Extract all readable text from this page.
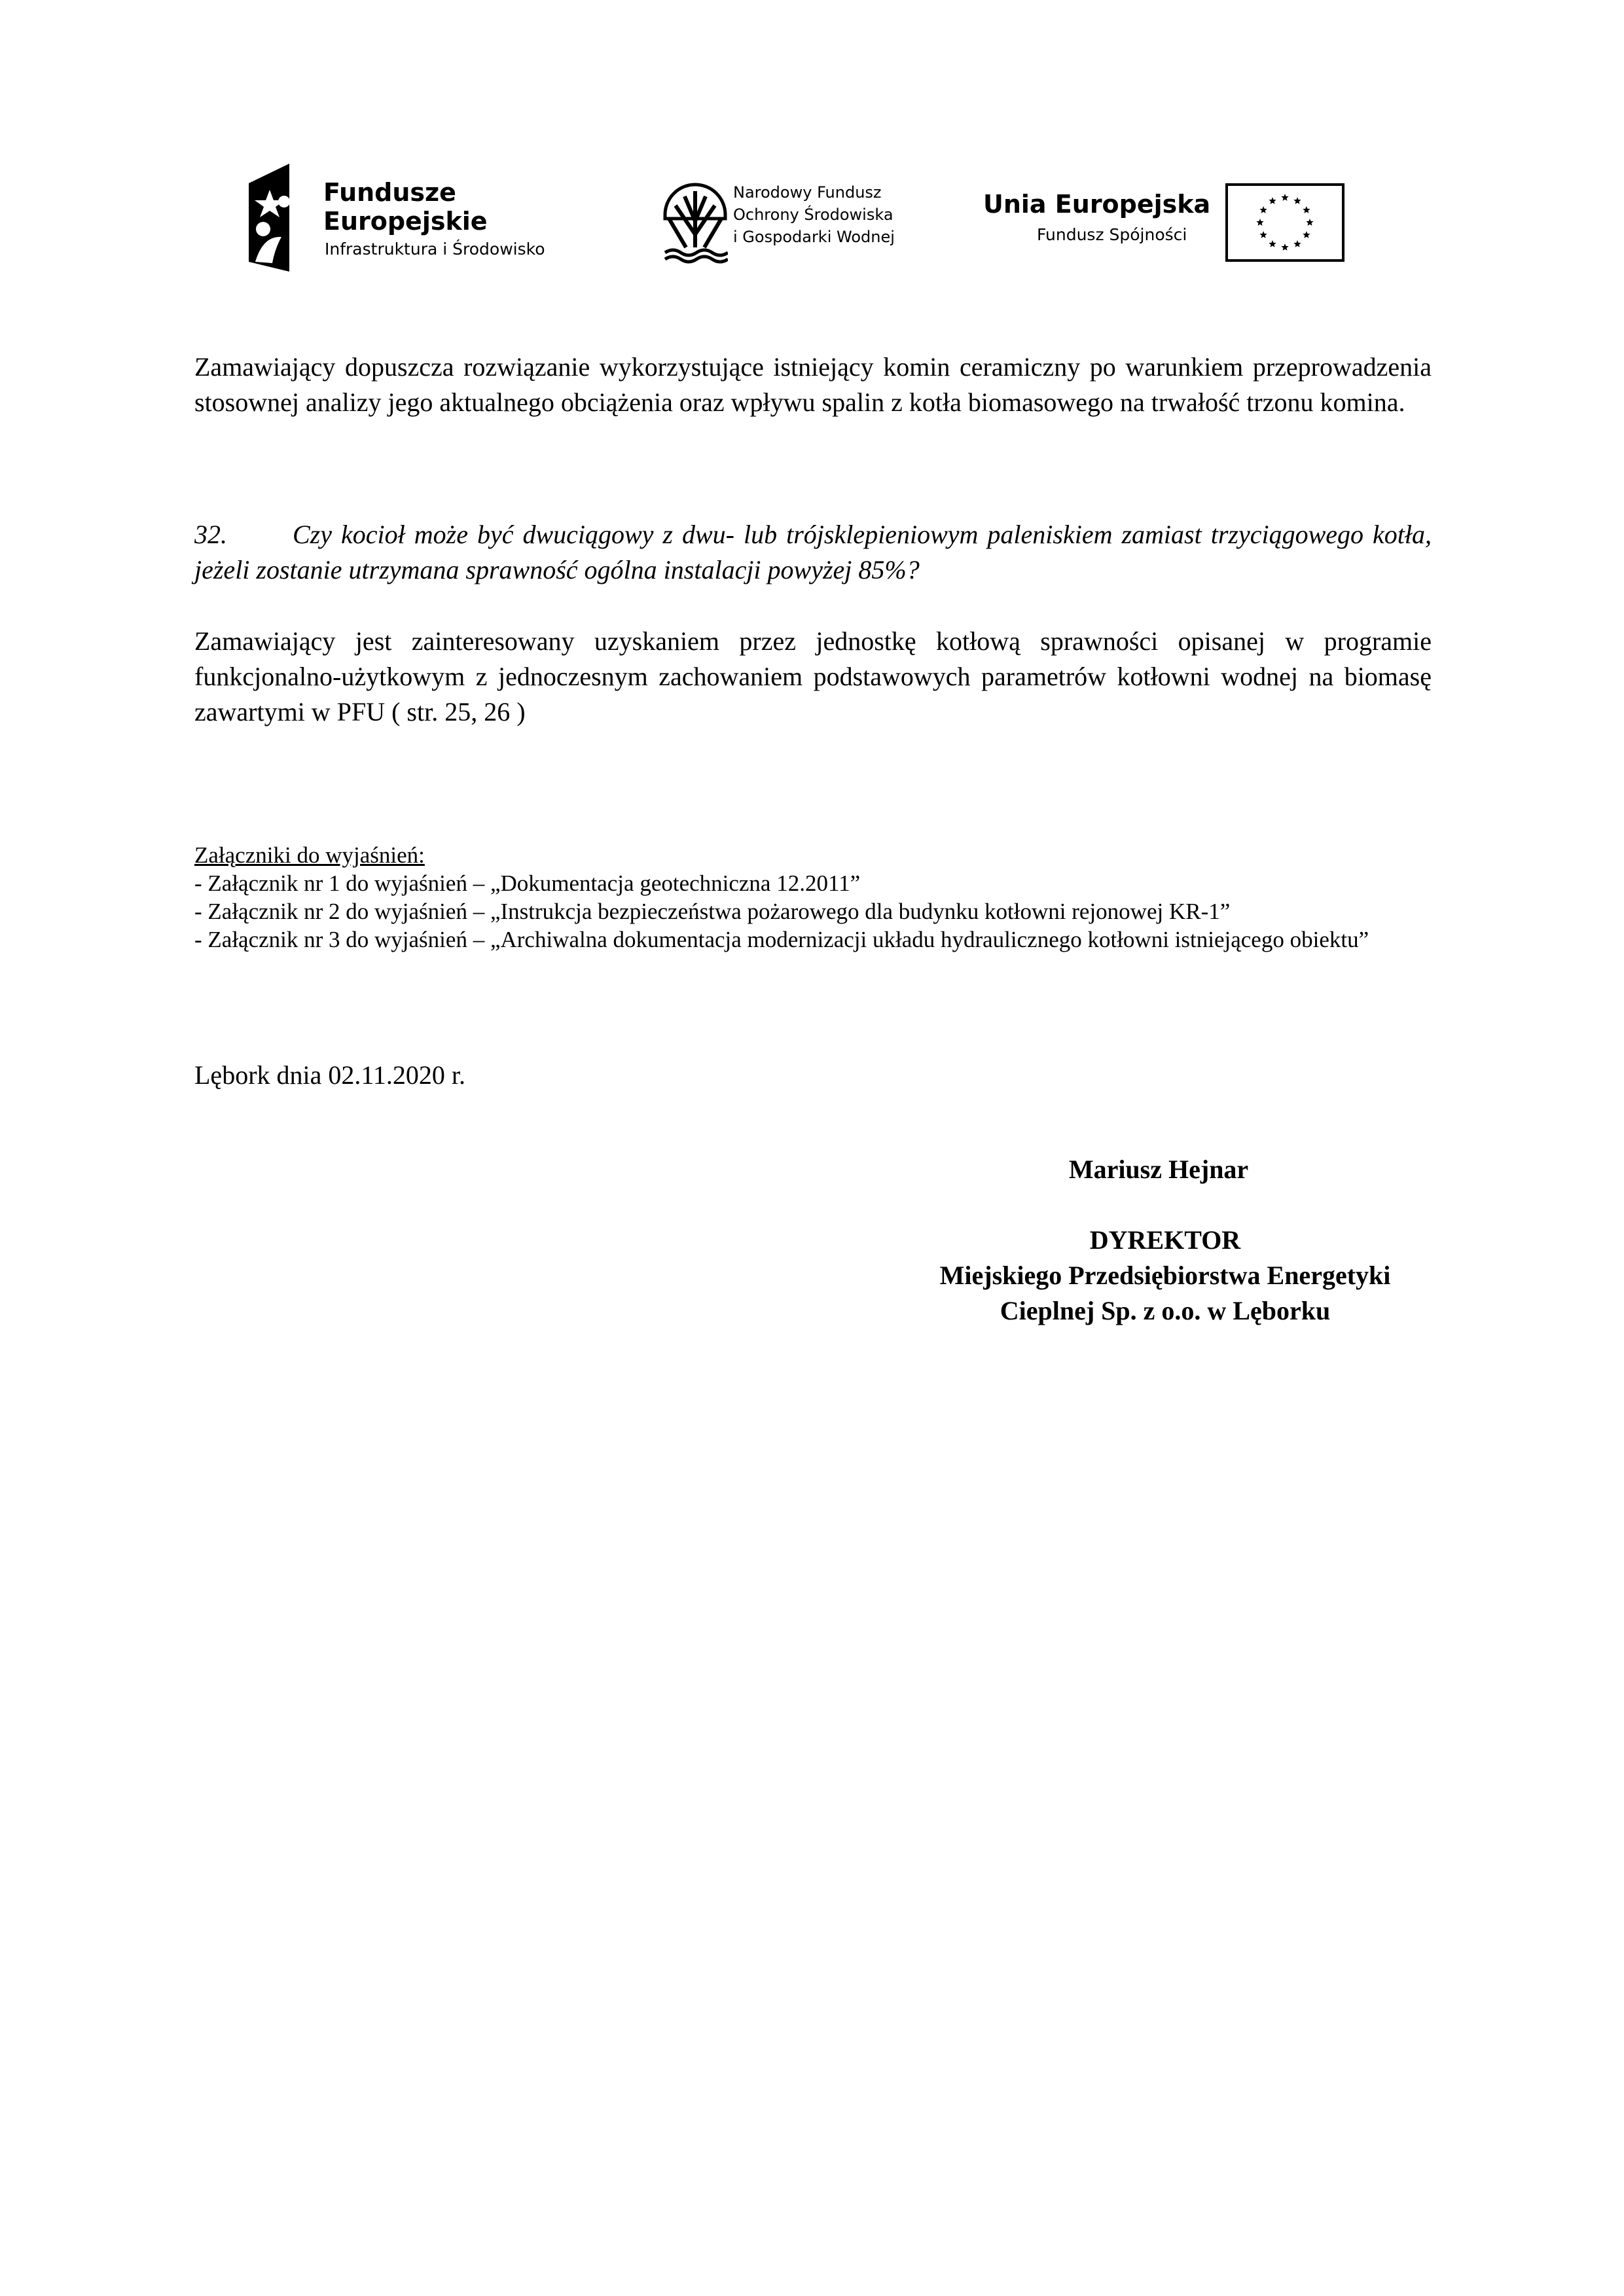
Fundusze
Europejskie
Infrastruktura i Środowisko
Narodowy Fundusz
Ochrony Środowiska
i Gospodarki Wodnej
Unia Europejska
Fundusz Spójności

Zamawiający dopuszcza rozwiązanie wykorzystujące istniejący komin ceramiczny po warunkiem przeprowadzenia stosownej analizy jego aktualnego obciążenia oraz wpływu spalin z kotła biomasowego na trwałość trzonu komina.

32.	Czy kocioł może być dwuciągowy z dwu- lub trójsklepieniowym paleniskiem zamiast trzyciągowego kotła, jeżeli zostanie utrzymana sprawność ogólna instalacji powyżej 85%?

Zamawiający jest zainteresowany uzyskaniem przez jednostkę kotłową sprawności opisanej w programie funkcjonalno-użytkowym z jednoczesnym zachowaniem podstawowych parametrów kotłowni wodnej na biomasę zawartymi w PFU ( str. 25, 26 )

Załączniki do wyjaśnień:

- Załącznik nr 1 do wyjaśnień – „Dokumentacja geotechniczna 12.2011”

- Załącznik nr 2 do wyjaśnień – „Instrukcja bezpieczeństwa pożarowego dla budynku kotłowni rejonowej KR-1”

- Załącznik nr 3 do wyjaśnień – „Archiwalna dokumentacja modernizacji układu hydraulicznego kotłowni istniejącego obiektu”

Lębork dnia 02.11.2020 r.

Mariusz Hejnar

DYREKTOR

Miejskiego Przedsiębiorstwa Energetyki

Cieplnej Sp. z o.o. w Lęborku
